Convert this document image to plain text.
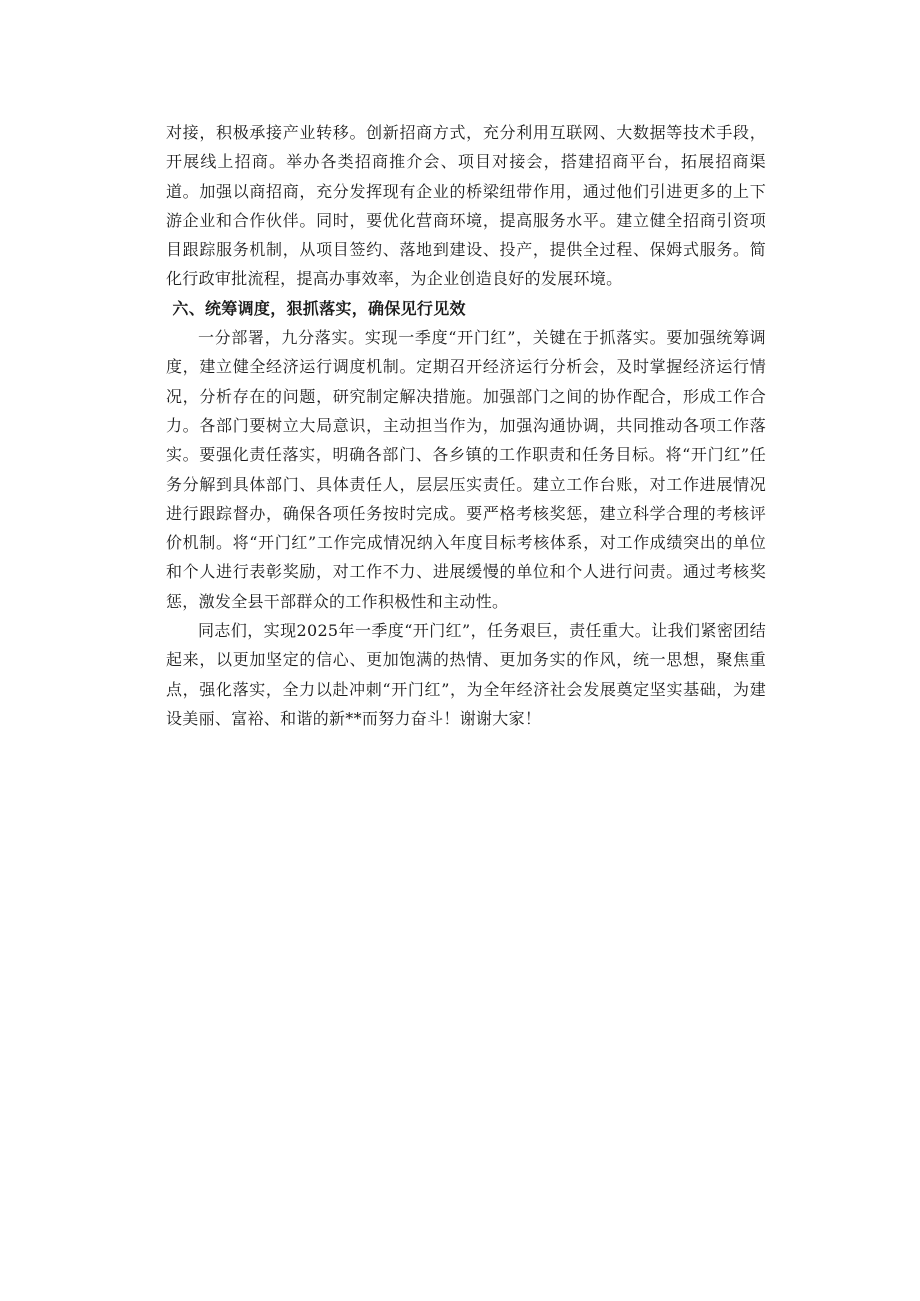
对接，积极承接产业转移。创新招商方式，充分利用互联网、大数据等技术手段，开展线上招商。举办各类招商推介会、项目对接会，搭建招商平台，拓展招商渠道。加强以商招商，充分发挥现有企业的桥梁纽带作用，通过他们引进更多的上下游企业和合作伙伴。同时，要优化营商环境，提高服务水平。建立健全招商引资项目跟踪服务机制，从项目签约、落地到建设、投产，提供全过程、保姆式服务。简化行政审批流程，提高办事效率，为企业创造良好的发展环境。

六、统筹调度，狠抓落实，确保见行见效

一分部署，九分落实。实现一季度“开门红”，关键在于抓落实。要加强统筹调度，建立健全经济运行调度机制。定期召开经济运行分析会，及时掌握经济运行情况，分析存在的问题，研究制定解决措施。加强部门之间的协作配合，形成工作合力。各部门要树立大局意识，主动担当作为，加强沟通协调，共同推动各项工作落实。要强化责任落实，明确各部门、各乡镇的工作职责和任务目标。将“开门红”任务分解到具体部门、具体责任人，层层压实责任。建立工作台账，对工作进展情况进行跟踪督办，确保各项任务按时完成。要严格考核奖惩，建立科学合理的考核评价机制。将“开门红”工作完成情况纳入年度目标考核体系，对工作成绩突出的单位和个人进行表彰奖励，对工作不力、进展缓慢的单位和个人进行问责。通过考核奖惩，激发全县干部群众的工作积极性和主动性。

同志们，实现2025年一季度“开门红”，任务艰巨，责任重大。让我们紧密团结起来，以更加坚定的信心、更加饱满的热情、更加务实的作风，统一思想，聚焦重点，强化落实，全力以赴冲刺“开门红”，为全年经济社会发展奠定坚实基础，为建设美丽、富裕、和谐的新**而努力奋斗！谢谢大家！
